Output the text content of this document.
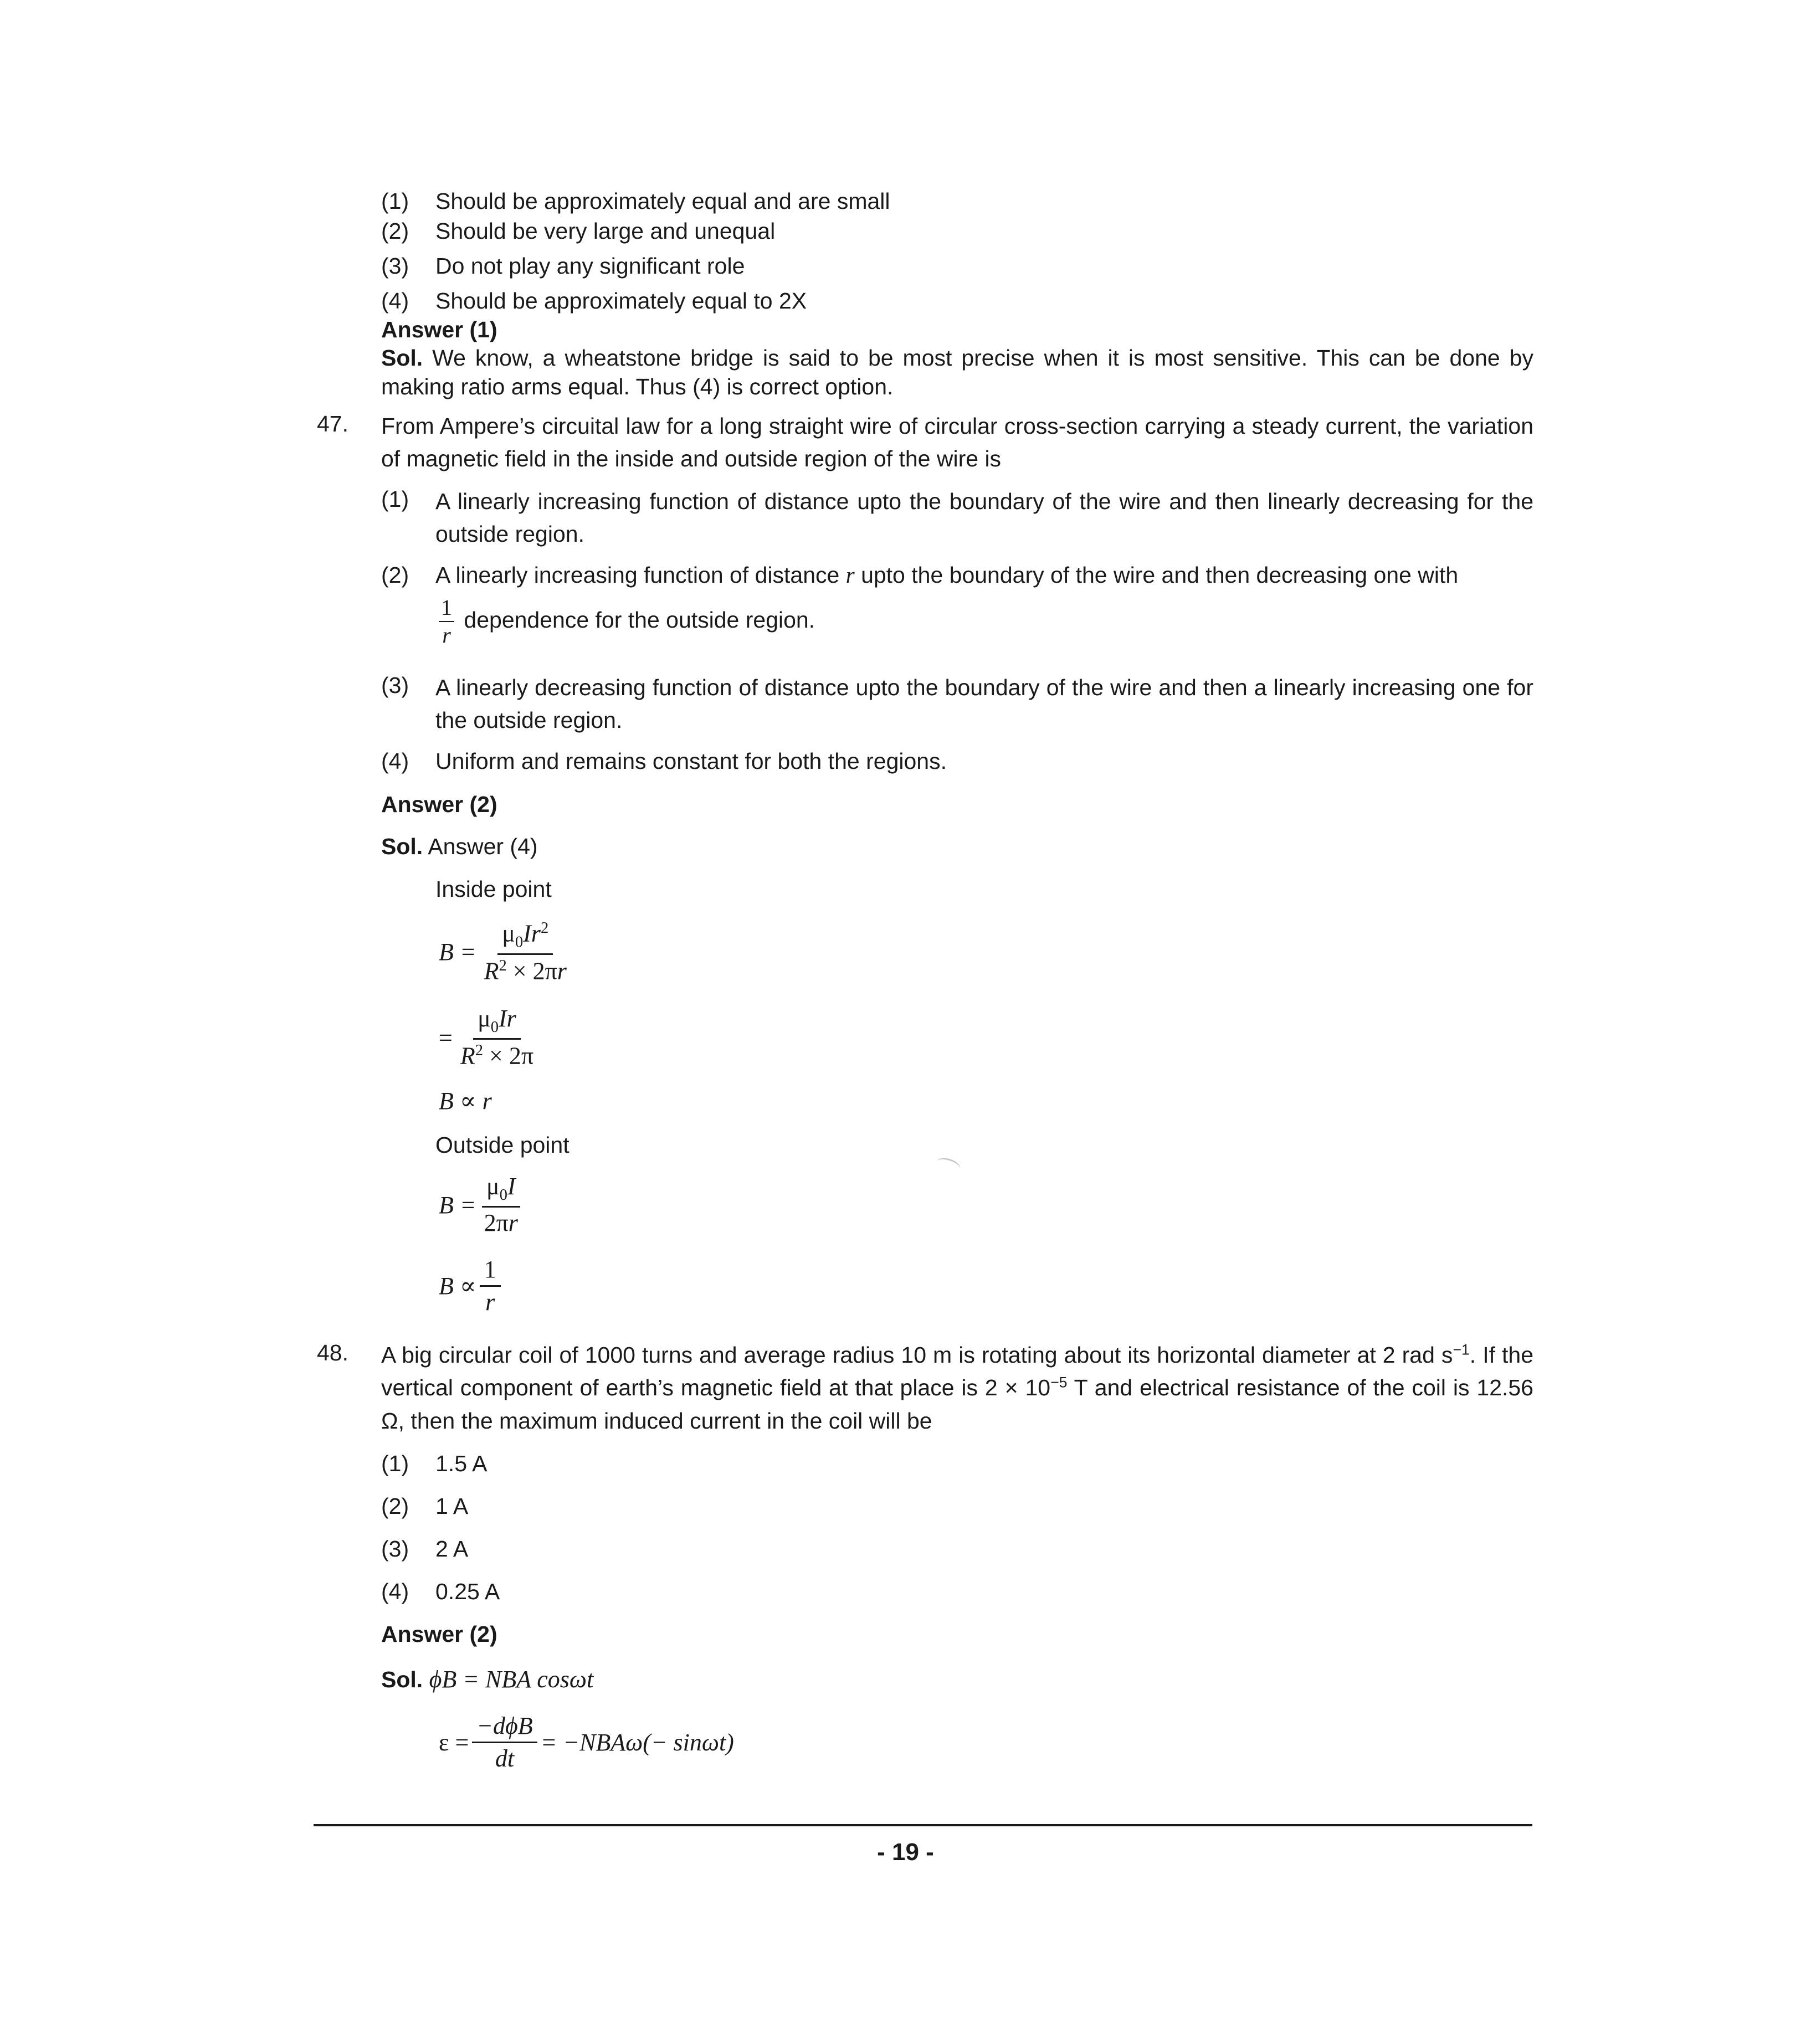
(1) Should be approximately equal and are small
(2) Should be very large and unequal
(3) Do not play any significant role
(4) Should be approximately equal to 2X
Answer (1)
Sol. We know, a wheatstone bridge is said to be most precise when it is most sensitive. This can be done by making ratio arms equal. Thus (4) is correct option.
47. From Ampere’s circuital law for a long straight wire of circular cross-section carrying a steady current, the variation of magnetic field in the inside and outside region of the wire is
(1) A linearly increasing function of distance upto the boundary of the wire and then linearly decreasing for the outside region.
(2) A linearly increasing function of distance r upto the boundary of the wire and then decreasing one with
$\frac{1}{r}$ dependence for the outside region.
(3) A linearly decreasing function of distance upto the boundary of the wire and then a linearly increasing one for the outside region.
(4) Uniform and remains constant for both the regions.
Answer (2)
Sol. Answer (4)
Inside point
$B = \frac{\mu_0Ir^2}{R^2 \times 2\pi r}$
= $\frac{\mu_0Ir}{R^2 \times 2\pi}$
B ∝ r
Outside point
$B = \frac{\mu_0I}{2\pi r}$
$B \propto \frac{1}{r}$
48. A big circular coil of 1000 turns and average radius 10 m is rotating about its horizontal diameter at 2 rad $s^{-1}$. If the vertical component of earth’s magnetic field at that place is $2 \times 10^{-5}$ T and electrical resistance of the coil is 12.56 Ω, then the maximum induced current in the coil will be
(1) 1.5 A
(2) 1 A
(3) 2 A
(4) 0.25 A
Answer (2)
Sol. ϕB = NBA cosωt
$\varepsilon = \frac{\text{−dϕB}}{dt} = -NBA\omega(- \sin\omega t)$
- 19 -
